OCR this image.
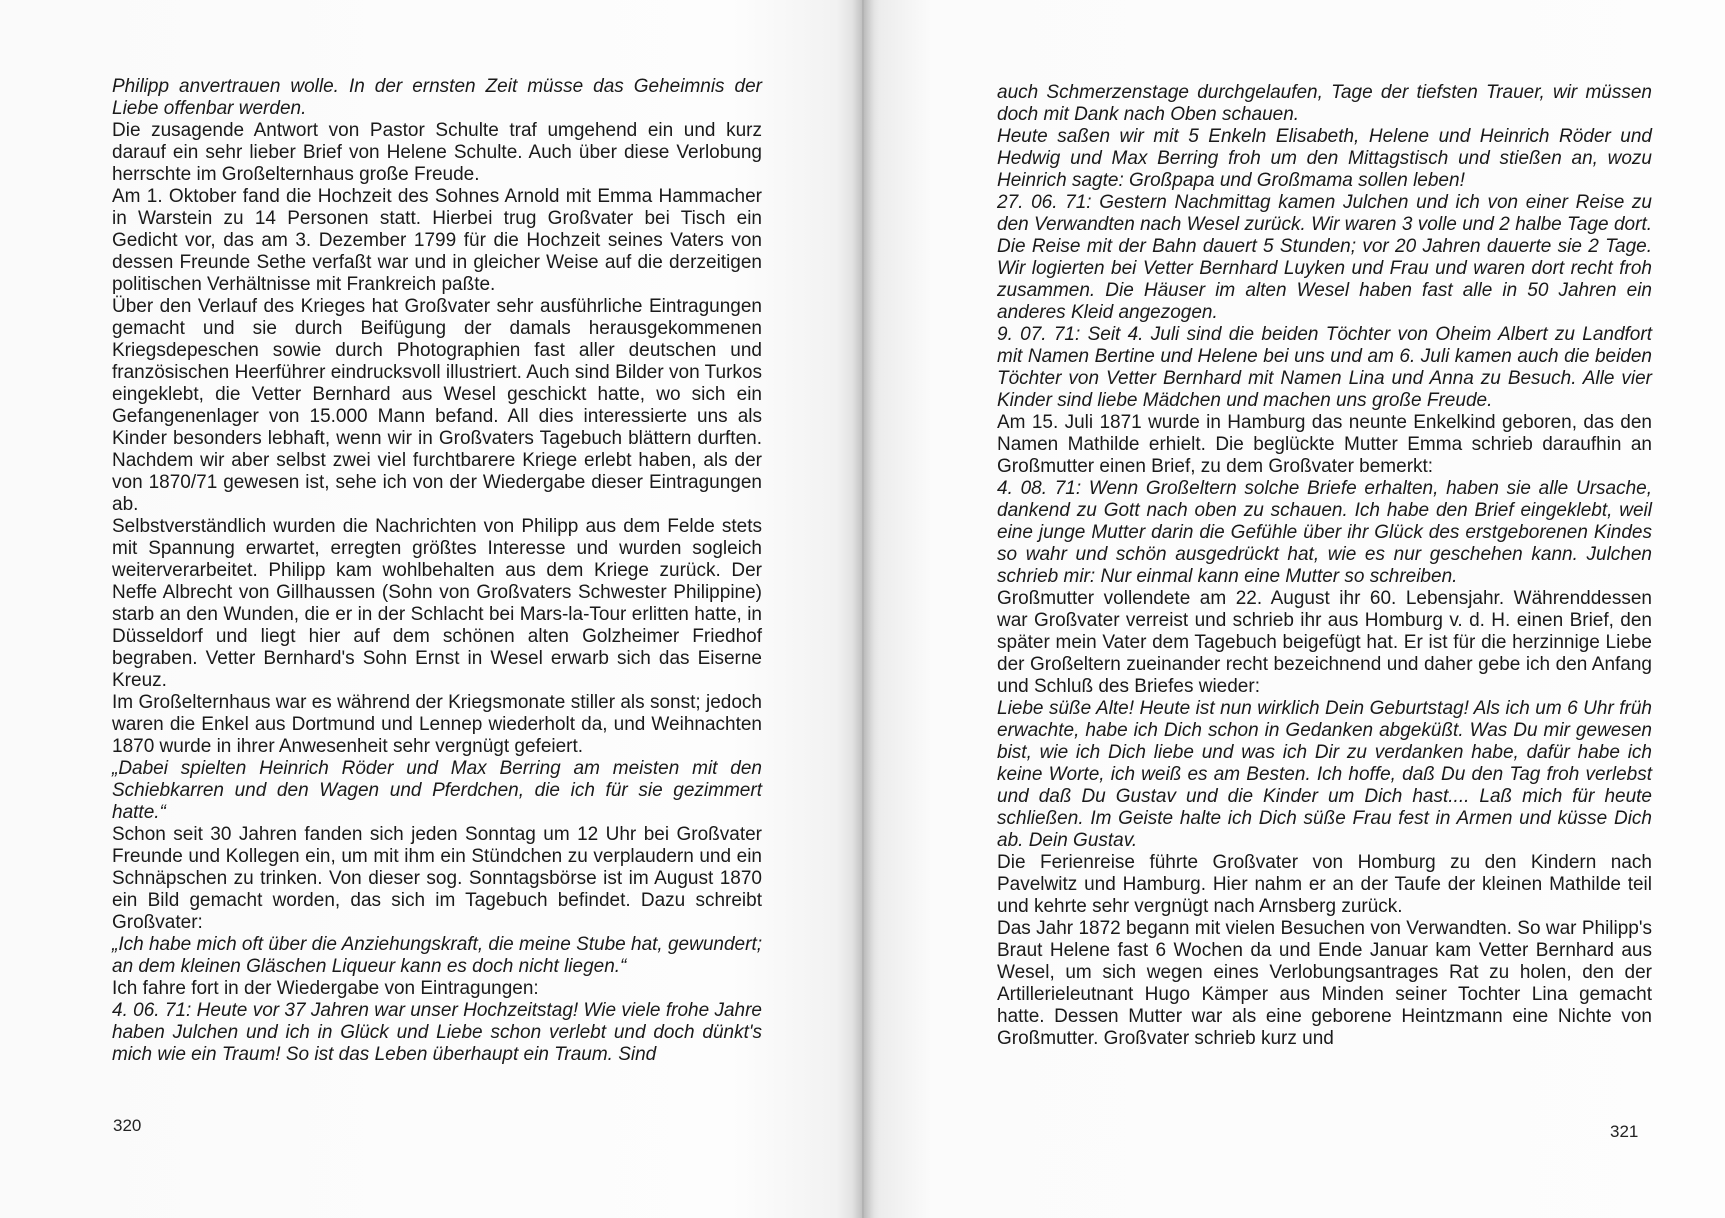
Philipp anvertrauen wolle. In der ernsten Zeit müsse das Geheimnis der Liebe offenbar werden.

Die zusagende Antwort von Pastor Schulte traf umgehend ein und kurz darauf ein sehr lieber Brief von Helene Schulte. Auch über diese Verlobung herrschte im Großelternhaus große Freude.

Am 1. Oktober fand die Hochzeit des Sohnes Arnold mit Emma Hammacher in Warstein zu 14 Personen statt. Hierbei trug Großvater bei Tisch ein Gedicht vor, das am 3. Dezember 1799 für die Hochzeit seines Vaters von dessen Freunde Sethe verfaßt war und in gleicher Weise auf die derzeitigen politischen Verhältnisse mit Frankreich paßte.

Über den Verlauf des Krieges hat Großvater sehr ausführliche Eintragungen gemacht und sie durch Beifügung der damals herausgekommenen Kriegsdepeschen sowie durch Photographien fast aller deutschen und französischen Heerführer eindrucksvoll illustriert. Auch sind Bilder von Turkos eingeklebt, die Vetter Bernhard aus Wesel geschickt hatte, wo sich ein Gefangenenlager von 15.000 Mann befand. All dies interessierte uns als Kinder besonders lebhaft, wenn wir in Großvaters Tagebuch blättern durften. Nachdem wir aber selbst zwei viel furchtbarere Kriege erlebt haben, als der von 1870/71 gewesen ist, sehe ich von der Wiedergabe dieser Eintragungen ab.

Selbstverständlich wurden die Nachrichten von Philipp aus dem Felde stets mit Spannung erwartet, erregten größtes Interesse und wurden sogleich weiterverarbeitet. Philipp kam wohlbehalten aus dem Kriege zurück. Der Neffe Albrecht von Gillhaussen (Sohn von Großvaters Schwester Philippine) starb an den Wunden, die er in der Schlacht bei Mars-la-Tour erlitten hatte, in Düsseldorf und liegt hier auf dem schönen alten Golzheimer Friedhof begraben. Vetter Bernhard's Sohn Ernst in Wesel erwarb sich das Eiserne Kreuz.

Im Großelternhaus war es während der Kriegsmonate stiller als sonst; jedoch waren die Enkel aus Dortmund und Lennep wiederholt da, und Weihnachten 1870 wurde in ihrer Anwesenheit sehr vergnügt gefeiert.

„Dabei spielten Heinrich Röder und Max Berring am meisten mit den Schiebkarren und den Wagen und Pferdchen, die ich für sie gezimmert hatte.“

Schon seit 30 Jahren fanden sich jeden Sonntag um 12 Uhr bei Großvater Freunde und Kollegen ein, um mit ihm ein Stündchen zu verplaudern und ein Schnäpschen zu trinken. Von dieser sog. Sonntagsbörse ist im August 1870 ein Bild gemacht worden, das sich im Tagebuch befindet. Dazu schreibt Großvater:

„Ich habe mich oft über die Anziehungskraft, die meine Stube hat, gewundert; an dem kleinen Gläschen Liqueur kann es doch nicht liegen.“

Ich fahre fort in der Wiedergabe von Eintragungen:

4. 06. 71: Heute vor 37 Jahren war unser Hochzeitstag! Wie viele frohe Jahre haben Julchen und ich in Glück und Liebe schon verlebt und doch dünkt's mich wie ein Traum! So ist das Leben überhaupt ein Traum. Sind

320

auch Schmerzenstage durchgelaufen, Tage der tiefsten Trauer, wir müssen doch mit Dank nach Oben schauen.

Heute saßen wir mit 5 Enkeln Elisabeth, Helene und Heinrich Röder und Hedwig und Max Berring froh um den Mittagstisch und stießen an, wozu Heinrich sagte: Großpapa und Großmama sollen leben!

27. 06. 71: Gestern Nachmittag kamen Julchen und ich von einer Reise zu den Verwandten nach Wesel zurück. Wir waren 3 volle und 2 halbe Tage dort. Die Reise mit der Bahn dauert 5 Stunden; vor 20 Jahren dauerte sie 2 Tage. Wir logierten bei Vetter Bernhard Luyken und Frau und waren dort recht froh zusammen. Die Häuser im alten Wesel haben fast alle in 50 Jahren ein anderes Kleid angezogen.

9. 07. 71: Seit 4. Juli sind die beiden Töchter von Oheim Albert zu Landfort mit Namen Bertine und Helene bei uns und am 6. Juli kamen auch die beiden Töchter von Vetter Bernhard mit Namen Lina und Anna zu Besuch. Alle vier Kinder sind liebe Mädchen und machen uns große Freude.

Am 15. Juli 1871 wurde in Hamburg das neunte Enkelkind geboren, das den Namen Mathilde erhielt. Die beglückte Mutter Emma schrieb daraufhin an Großmutter einen Brief, zu dem Großvater bemerkt:

4. 08. 71: Wenn Großeltern solche Briefe erhalten, haben sie alle Ursache, dankend zu Gott nach oben zu schauen. Ich habe den Brief eingeklebt, weil eine junge Mutter darin die Gefühle über ihr Glück des erstgeborenen Kindes so wahr und schön ausgedrückt hat, wie es nur geschehen kann. Julchen schrieb mir: Nur einmal kann eine Mutter so schreiben.

Großmutter vollendete am 22. August ihr 60. Lebensjahr. Währenddessen war Großvater verreist und schrieb ihr aus Homburg v. d. H. einen Brief, den später mein Vater dem Tagebuch beigefügt hat. Er ist für die herzinnige Liebe der Großeltern zueinander recht bezeichnend und daher gebe ich den Anfang und Schluß des Briefes wieder:

Liebe süße Alte! Heute ist nun wirklich Dein Geburtstag! Als ich um 6 Uhr früh erwachte, habe ich Dich schon in Gedanken abgeküßt. Was Du mir gewesen bist, wie ich Dich liebe und was ich Dir zu verdanken habe, dafür habe ich keine Worte, ich weiß es am Besten. Ich hoffe, daß Du den Tag froh verlebst und daß Du Gustav und die Kinder um Dich hast.... Laß mich für heute schließen. Im Geiste halte ich Dich süße Frau fest in Armen und küsse Dich ab. Dein Gustav.

Die Ferienreise führte Großvater von Homburg zu den Kindern nach Pavelwitz und Hamburg. Hier nahm er an der Taufe der kleinen Mathilde teil und kehrte sehr vergnügt nach Arnsberg zurück.

Das Jahr 1872 begann mit vielen Besuchen von Verwandten. So war Philipp's Braut Helene fast 6 Wochen da und Ende Januar kam Vetter Bernhard aus Wesel, um sich wegen eines Verlobungsantrages Rat zu holen, den der Artillerieleutnant Hugo Kämper aus Minden seiner Tochter Lina gemacht hatte. Dessen Mutter war als eine geborene Heintzmann eine Nichte von Großmutter. Großvater schrieb kurz und

321
